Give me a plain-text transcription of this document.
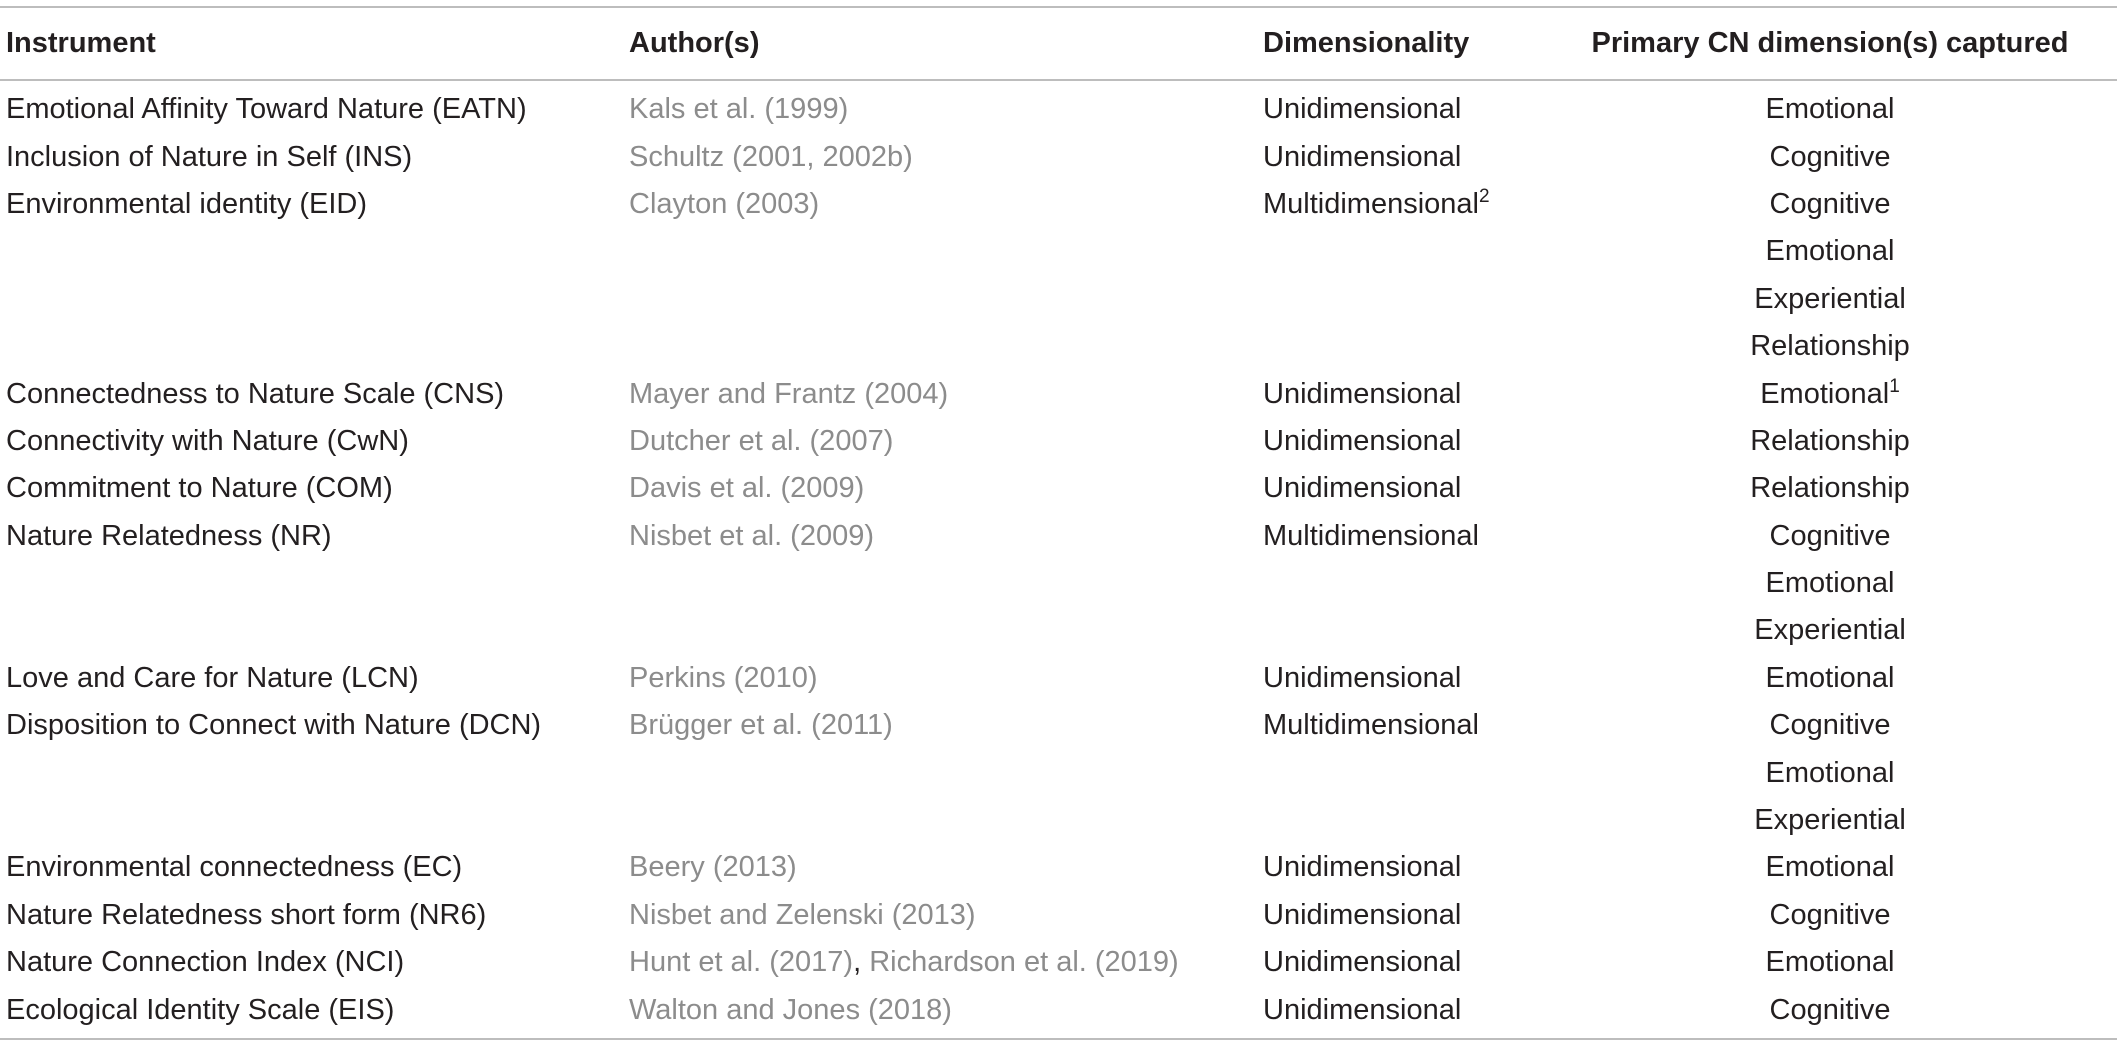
Instrument	Author(s)	Dimensionality	Primary CN dimension(s) captured
Emotional Affinity Toward Nature (EATN)	Kals et al. (1999)	Unidimensional	Emotional
Inclusion of Nature in Self (INS)	Schultz (2001, 2002b)	Unidimensional	Cognitive
Environmental identity (EID)	Clayton (2003)	Multidimensional$^2$	Cognitive
Emotional
Experiential
Relationship
Connectedness to Nature Scale (CNS)	Mayer and Frantz (2004)	Unidimensional	Emotional$^1$
Connectivity with Nature (CwN)	Dutcher et al. (2007)	Unidimensional	Relationship
Commitment to Nature (COM)	Davis et al. (2009)	Unidimensional	Relationship
Nature Relatedness (NR)	Nisbet et al. (2009)	Multidimensional	Cognitive
Emotional
Experiential
Love and Care for Nature (LCN)	Perkins (2010)	Unidimensional	Emotional
Disposition to Connect with Nature (DCN)	Brügger et al. (2011)	Multidimensional	Cognitive
Emotional
Experiential
Environmental connectedness (EC)	Beery (2013)	Unidimensional	Emotional
Nature Relatedness short form (NR6)	Nisbet and Zelenski (2013)	Unidimensional	Cognitive
Nature Connection Index (NCI)	Hunt et al. (2017), Richardson et al. (2019)	Unidimensional	Emotional
Ecological Identity Scale (EIS)	Walton and Jones (2018)	Unidimensional	Cognitive
